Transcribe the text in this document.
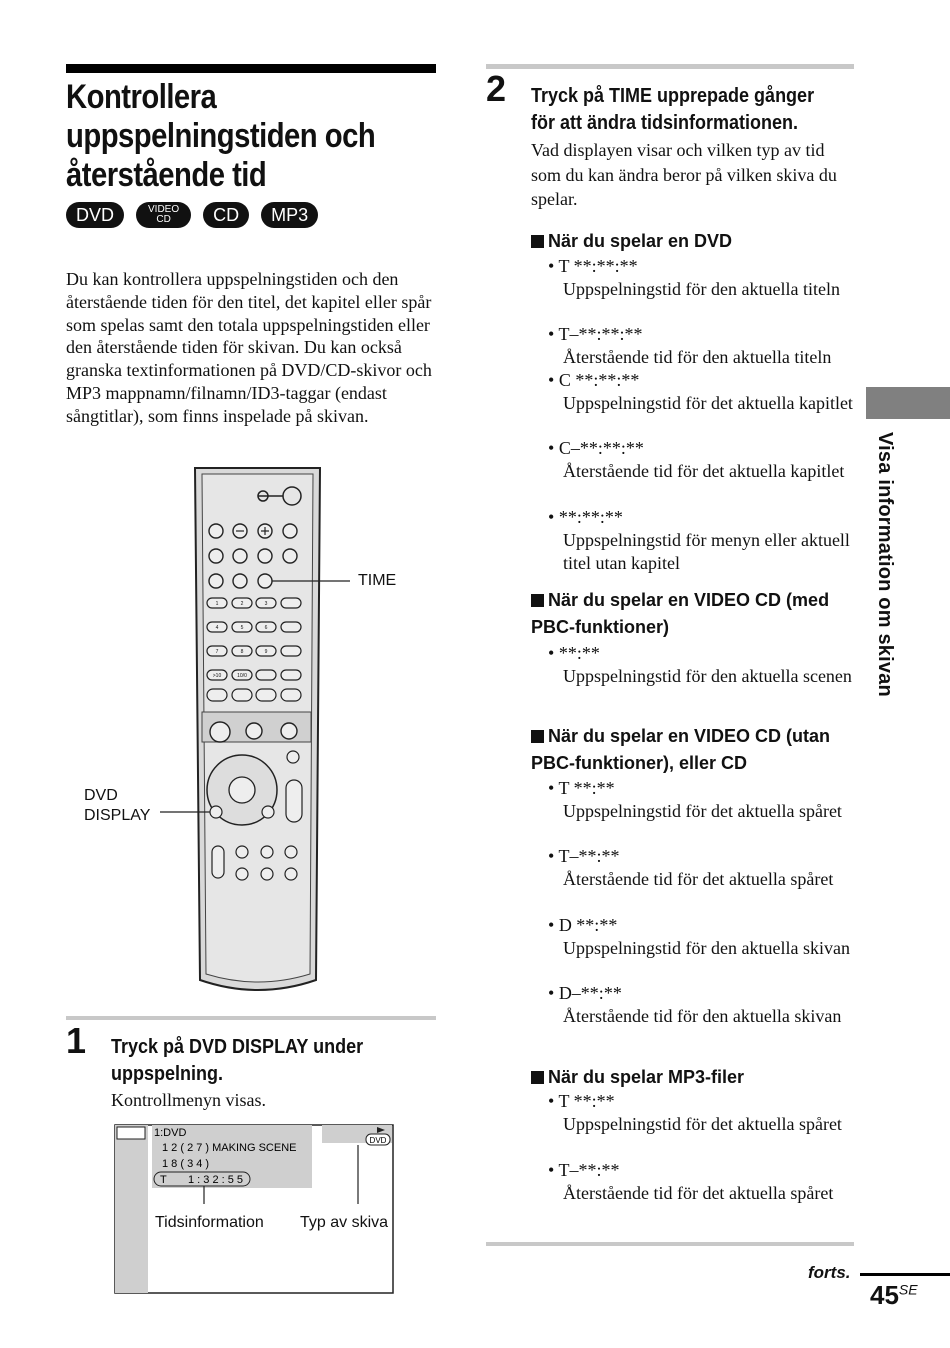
Kontrollera
uppspelningstiden och
återstående tid
DVD	VIDEO
CD	CD	MP3
Du kan kontrollera uppspelningstiden och den återstående tiden för den titel, det kapitel eller spår som spelas samt den totala uppspelningstiden eller den återstående tiden för skivan. Du kan också granska textinformationen på DVD/CD-skivor och MP3 mappnamn/filnamn/ID3-taggar (endast sångtitlar), som finns inspelade på skivan.
1	2	3
4	5	6
7	8	9
>10	10/0
TIME
DVD
DISPLAY
1 Tryck på DVD DISPLAY under uppspelning.
Kontrollmenyn visas.
1:DVD
1 2 ( 2 7 ) MAKING SCENE
1 8 ( 3 4 )
T 1 : 3 2 : 5 5
DVD
Tidsinformation Typ av skiva
2 Tryck på TIME upprepade gånger för att ändra tidsinformationen.
Vad displayen visar och vilken typ av tid som du kan ändra beror på vilken skiva du spelar.
När du spelar en DVD
• T **:**:**
Uppspelningstid för den aktuella titeln
• T–**:**:**
Återstående tid för den aktuella titeln
• C **:**:**
Uppspelningstid för det aktuella kapitlet
• C–**:**:**
Återstående tid för det aktuella kapitlet
• **:**:**
Uppspelningstid för menyn eller aktuell titel utan kapitel
När du spelar en VIDEO CD (med PBC-funktioner)
• **:**
Uppspelningstid för den aktuella scenen
När du spelar en VIDEO CD (utan PBC-funktioner), eller CD
• T **:**
Uppspelningstid för det aktuella spåret
• T–**:**
Återstående tid för det aktuella spåret
• D **:**
Uppspelningstid för den aktuella skivan
• D–**:**
Återstående tid för den aktuella skivan
När du spelar MP3-filer
• T **:**
Uppspelningstid för det aktuella spåret
• T–**:**
Återstående tid för det aktuella spåret
forts.
$45^{SE}$
Visa information om skivan
